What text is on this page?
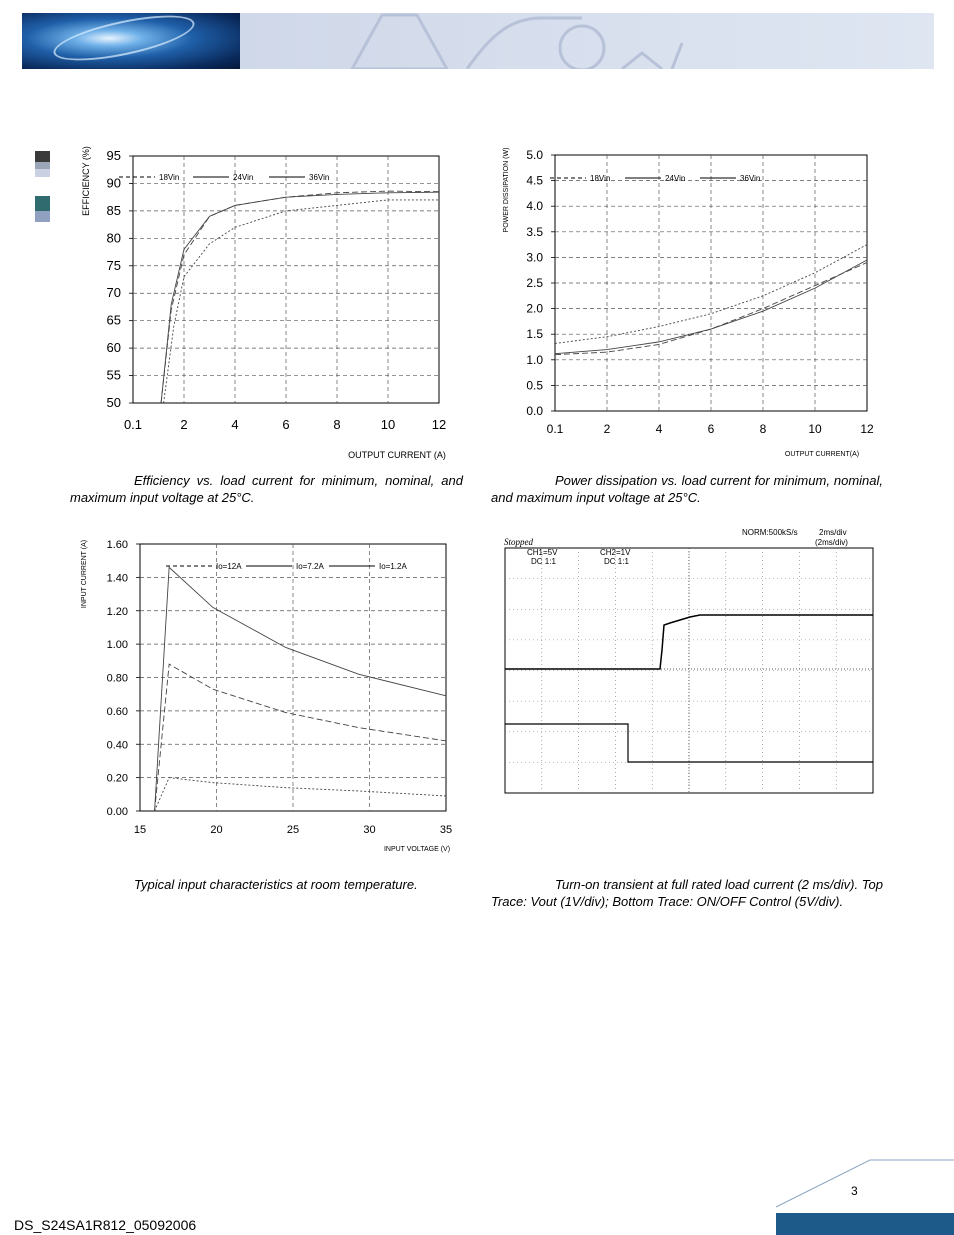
0.1	2	4	6	8	10	12
50
55
60
65
70
75
80
85
90
95
EFFICIENCY (%)
OUTPUT CURRENT (A)
18Vin	24Vin	36Vin
0.1	2	4	6	8	10	12
0.0
0.5
1.0
1.5
2.0
2.5
3.0
3.5
4.0
4.5
5.0
POWER DISSIPATION (W)
OUTPUT CURRENT(A)
18Vin	24Vin	36Vin
15	20	25	30	35
0.00
0.20
0.40
0.60
0.80
1.00
1.20
1.40
1.60
INPUT CURRENT (A)
INPUT VOLTAGE (V)
Io=12A	Io=7.2A	Io=1.2A
NORM:500kS/s	2ms/div
(2ms/div)
Stopped
CH1=5V
DC 1:1
CH2=1V
DC 1:1
Efficiency vs. load current for minimum, nominal, and maximum input voltage at 25°C.
Power dissipation vs. load current for minimum, nominal, and maximum input voltage at 25°C.
Typical input characteristics at room temperature.	Turn-on transient at full rated load current (2 ms/div). Top Trace: Vout (1V/div); Bottom Trace: ON/OFF Control (5V/div).
3
DS_S24SA1R812_05092006
